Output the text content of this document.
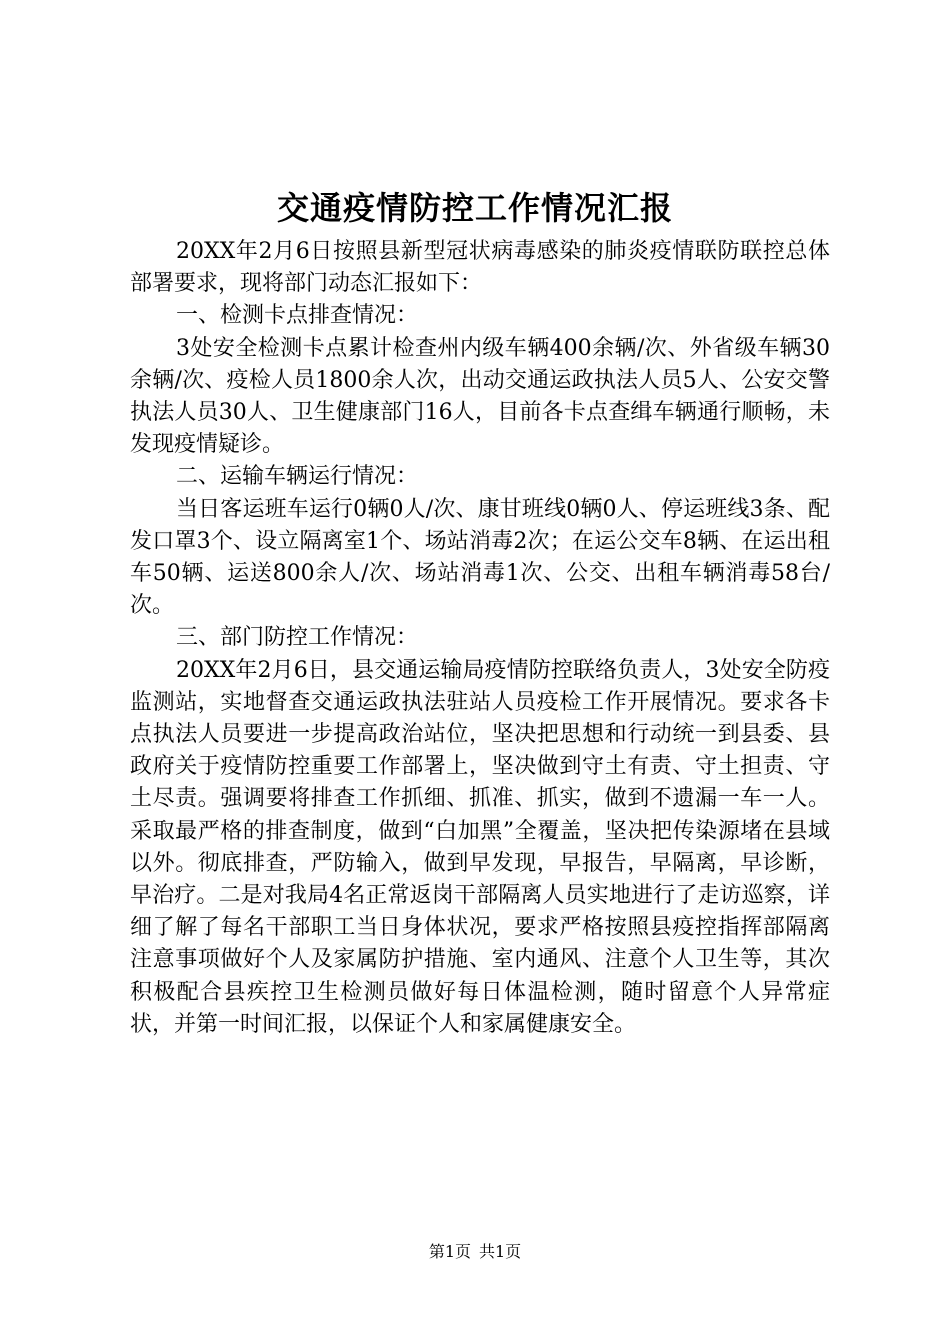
交通疫情防控工作情况汇报

20XX年2月6日按照县新型冠状病毒感染的肺炎疫情联防联控总体部署要求，现将部门动态汇报如下：

一、检测卡点排查情况：

3处安全检测卡点累计检查州内级车辆400余辆/次、外省级车辆30余辆/次、疫检人员1800余人次，出动交通运政执法人员5人、公安交警执法人员30人、卫生健康部门16人，目前各卡点查缉车辆通行顺畅，未发现疫情疑诊。

二、运输车辆运行情况：

当日客运班车运行0辆0人/次、康甘班线0辆0人、停运班线3条、配发口罩3个、设立隔离室1个、场站消毒2次；在运公交车8辆、在运出租车50辆、运送800余人/次、场站消毒1次、公交、出租车辆消毒58台/次。

三、部门防控工作情况：

20XX年2月6日，县交通运输局疫情防控联络负责人，3处安全防疫监测站，实地督查交通运政执法驻站人员疫检工作开展情况。要求各卡点执法人员要进一步提高政治站位，坚决把思想和行动统一到县委、县政府关于疫情防控重要工作部署上，坚决做到守土有责、守土担责、守土尽责。强调要将排查工作抓细、抓准、抓实，做到不遗漏一车一人。采取最严格的排查制度，做到“白加黑”全覆盖，坚决把传染源堵在县域以外。彻底排查，严防输入，做到早发现，早报告，早隔离，早诊断，早治疗。二是对我局4名正常返岗干部隔离人员实地进行了走访巡察，详细了解了每名干部职工当日身体状况，要求严格按照县疫控指挥部隔离注意事项做好个人及家属防护措施、室内通风、注意个人卫生等，其次积极配合县疾控卫生检测员做好每日体温检测，随时留意个人异常症状，并第一时间汇报，以保证个人和家属健康安全。

第1页 共1页
